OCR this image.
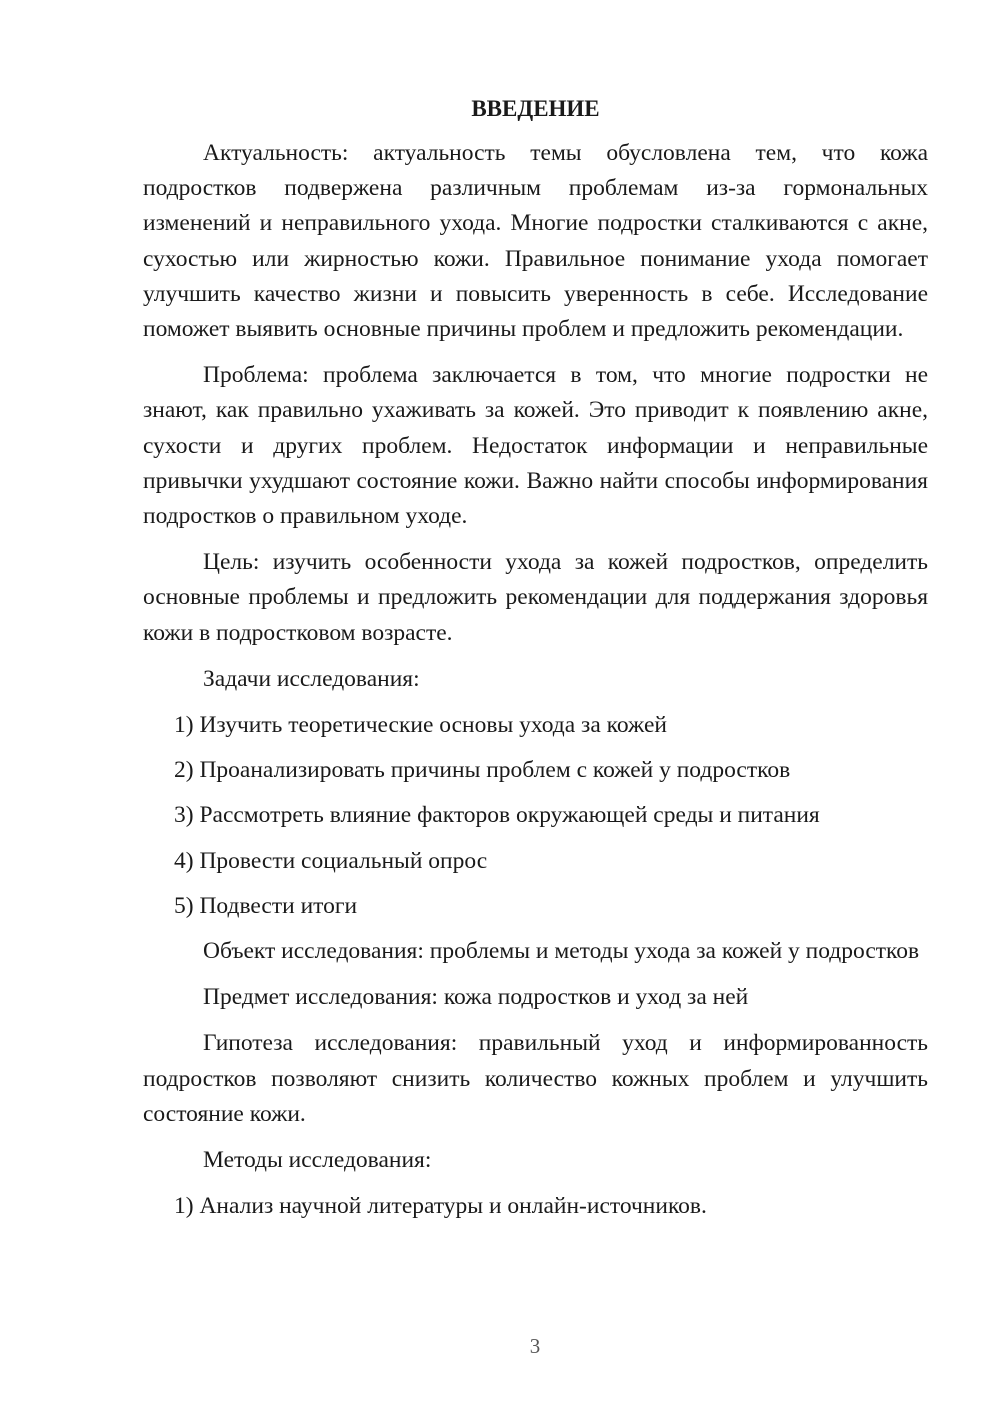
ВВЕДЕНИЕ

Актуальность: актуальность темы обусловлена тем, что кожа подростков подвержена различным проблемам из-за гормональных изменений и неправильного ухода. Многие подростки сталкиваются с акне, сухостью или жирностью кожи. Правильное понимание ухода помогает улучшить качество жизни и повысить уверенность в себе. Исследование поможет выявить основные причины проблем и предложить рекомендации.

Проблема: проблема заключается в том, что многие подростки не знают, как правильно ухаживать за кожей. Это приводит к появлению акне, сухости и других проблем. Недостаток информации и неправильные привычки ухудшают состояние кожи. Важно найти способы информирования подростков о правильном уходе.

Цель: изучить особенности ухода за кожей подростков, определить основные проблемы и предложить рекомендации для поддержания здоровья кожи в подростковом возрасте.

Задачи исследования:

1) Изучить теоретические основы ухода за кожей
2) Проанализировать причины проблем с кожей у подростков
3) Рассмотреть влияние факторов окружающей среды и питания
4) Провести социальный опрос
5) Подвести итоги

Объект исследования: проблемы и методы ухода за кожей у подростков

Предмет исследования: кожа подростков и уход за ней

Гипотеза исследования: правильный уход и информированность подростков позволяют снизить количество кожных проблем и улучшить состояние кожи.

Методы исследования:

1) Анализ научной литературы и онлайн-источников.
3
